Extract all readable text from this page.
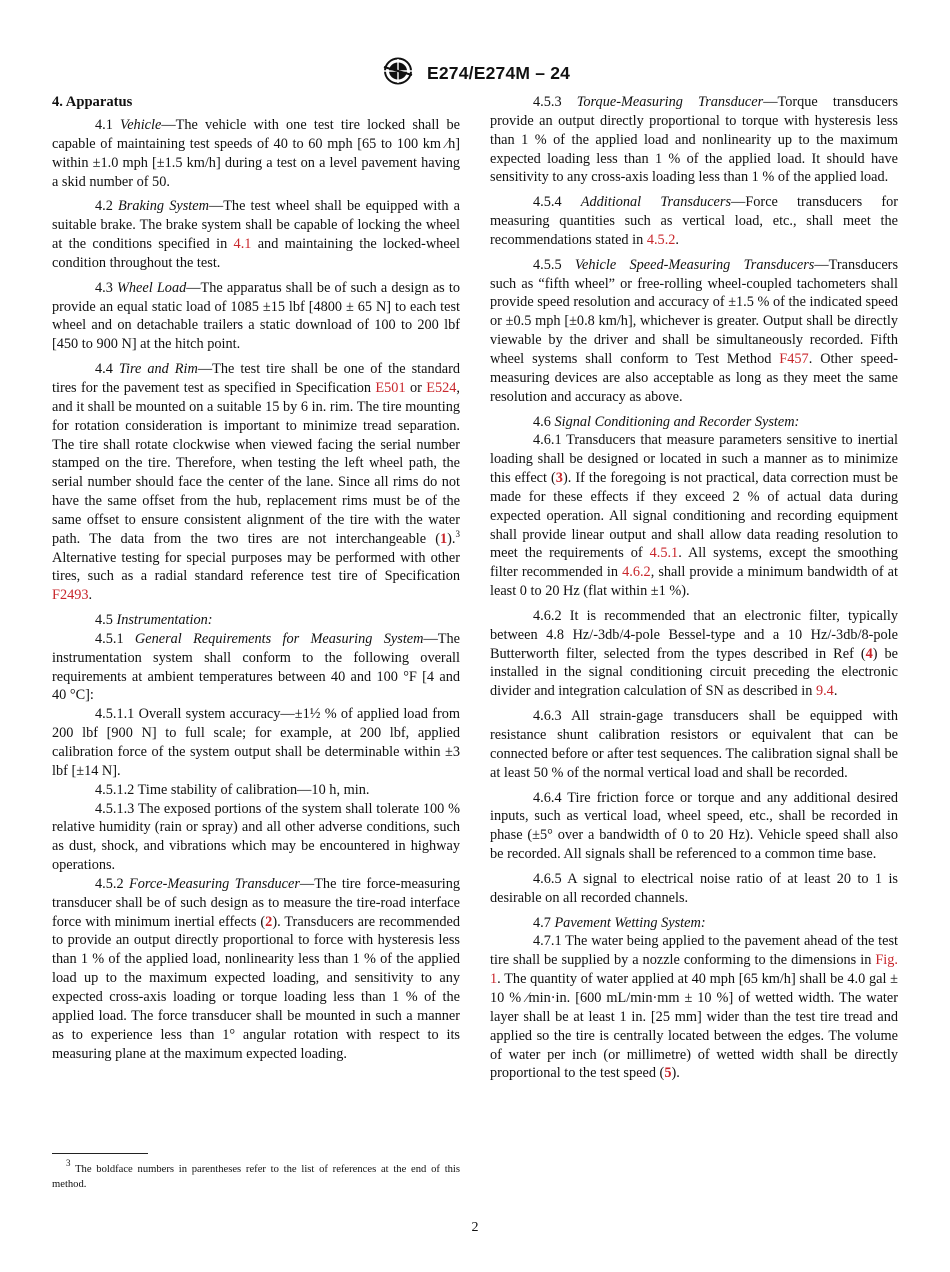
E274/E274M – 24
4. Apparatus

4.1 Vehicle—The vehicle with one test tire locked shall be capable of maintaining test speeds of 40 to 60 mph [65 to 100 km ⁄h] within ±1.0 mph [±1.5 km/h] during a test on a level pavement having a skid number of 50.

4.2 Braking System—The test wheel shall be equipped with a suitable brake. The brake system shall be capable of locking the wheel at the conditions specified in 4.1 and maintaining the locked-wheel condition throughout the test.

4.3 Wheel Load—The apparatus shall be of such a design as to provide an equal static load of 1085 ±15 lbf [4800 ± 65 N] to each test wheel and on detachable trailers a static download of 100 to 200 lbf [450 to 900 N] at the hitch point.

4.4 Tire and Rim—The test tire shall be one of the standard tires for the pavement test as specified in Specification E501 or E524, and it shall be mounted on a suitable 15 by 6 in. rim. The tire mounting for rotation consideration is important to minimize tread separation. The tire shall rotate clockwise when viewed facing the serial number stamped on the tire. Therefore, when testing the left wheel path, the serial number should face the center of the lane. Since all rims do not have the same offset from the hub, replacement rims must be of the same offset to ensure consistent alignment of the tire with the water path. The data from the two tires are not interchangeable (1).$^3$ Alternative testing for special purposes may be performed with other tires, such as a radial standard reference test tire of Specification F2493.

4.5 Instrumentation:

4.5.1 General Requirements for Measuring System—The instrumentation system shall conform to the following overall requirements at ambient temperatures between 40 and 100 °F [4 and 40 °C]:

4.5.1.1 Overall system accuracy—±1½ % of applied load from 200 lbf [900 N] to full scale; for example, at 200 lbf, applied calibration force of the system output shall be determinable within ±3 lbf [±14 N].

4.5.1.2 Time stability of calibration—10 h, min.

4.5.1.3 The exposed portions of the system shall tolerate 100 % relative humidity (rain or spray) and all other adverse conditions, such as dust, shock, and vibrations which may be encountered in highway operations.

4.5.2 Force-Measuring Transducer—The tire force-measuring transducer shall be of such design as to measure the tire-road interface force with minimum inertial effects (2). Transducers are recommended to provide an output directly proportional to force with hysteresis less than 1 % of the applied load, nonlinearity less than 1 % of the applied load up to the maximum expected loading, and sensitivity to any expected cross-axis loading or torque loading less than 1 % of the applied load. The force transducer shall be mounted in such a manner as to experience less than 1° angular rotation with respect to its measuring plane at the maximum expected loading.

4.5.3 Torque-Measuring Transducer—Torque transducers provide an output directly proportional to torque with hysteresis less than 1 % of the applied load and nonlinearity up to the maximum expected loading less than 1 % of the applied load. It should have sensitivity to any cross-axis loading less than 1 % of the applied load.

4.5.4 Additional Transducers—Force transducers for measuring quantities such as vertical load, etc., shall meet the recommendations stated in 4.5.2.

4.5.5 Vehicle Speed-Measuring Transducers—Transducers such as “fifth wheel” or free-rolling wheel-coupled tachometers shall provide speed resolution and accuracy of ±1.5 % of the indicated speed or ±0.5 mph [±0.8 km/h], whichever is greater. Output shall be directly viewable by the driver and shall be simultaneously recorded. Fifth wheel systems shall conform to Test Method F457. Other speed-measuring devices are also acceptable as long as they meet the same resolution and accuracy as above.

4.6 Signal Conditioning and Recorder System:

4.6.1 Transducers that measure parameters sensitive to inertial loading shall be designed or located in such a manner as to minimize this effect (3). If the foregoing is not practical, data correction must be made for these effects if they exceed 2 % of actual data during expected operation. All signal conditioning and recording equipment shall provide linear output and shall allow data reading resolution to meet the requirements of 4.5.1. All systems, except the smoothing filter recommended in 4.6.2, shall provide a minimum bandwidth of at least 0 to 20 Hz (flat within ±1 %).

4.6.2 It is recommended that an electronic filter, typically between 4.8 Hz/-3db/4-pole Bessel-type and a 10 Hz/-3db/8-pole Butterworth filter, selected from the types described in Ref (4) be installed in the signal conditioning circuit preceding the electronic divider and integration calculation of SN as described in 9.4.

4.6.3 All strain-gage transducers shall be equipped with resistance shunt calibration resistors or equivalent that can be connected before or after test sequences. The calibration signal shall be at least 50 % of the normal vertical load and shall be recorded.

4.6.4 Tire friction force or torque and any additional desired inputs, such as vertical load, wheel speed, etc., shall be recorded in phase (±5° over a bandwidth of 0 to 20 Hz). Vehicle speed shall also be recorded. All signals shall be referenced to a common time base.

4.6.5 A signal to electrical noise ratio of at least 20 to 1 is desirable on all recorded channels.

4.7 Pavement Wetting System:

4.7.1 The water being applied to the pavement ahead of the test tire shall be supplied by a nozzle conforming to the dimensions in Fig. 1. The quantity of water applied at 40 mph [65 km/h] shall be 4.0 gal ± 10 % ⁄min·in. [600 mL/min·mm ± 10 %] of wetted width. The water layer shall be at least 1 in. [25 mm] wider than the test tire tread and applied so the tire is centrally located between the edges. The volume of water per inch (or millimetre) of wetted width shall be directly proportional to the test speed (5).

$^3$ The boldface numbers in parentheses refer to the list of references at the end of this method.

2
